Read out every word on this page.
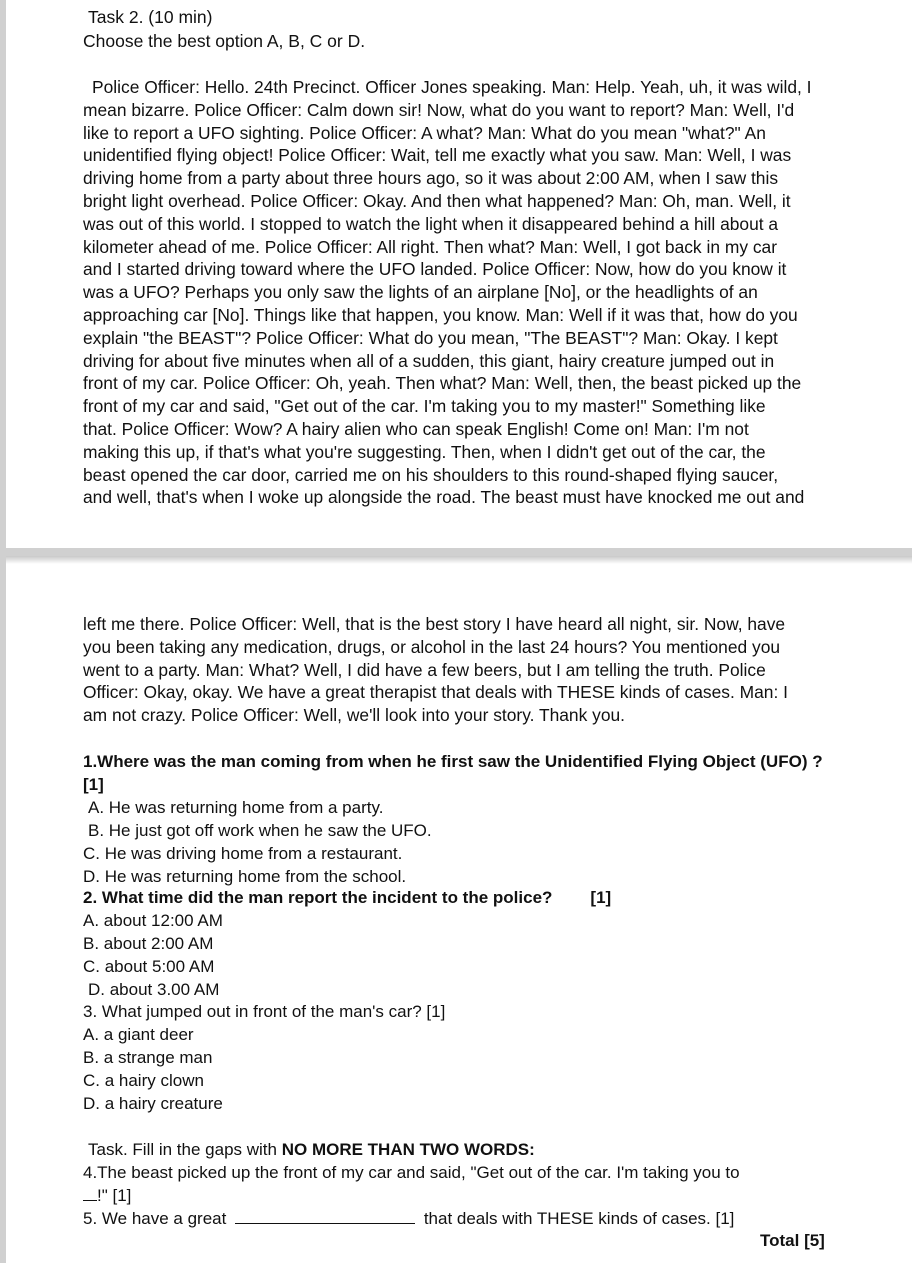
Task 2. (10 min)
Choose the best option A, B, C or D.
Police Officer: Hello. 24th Precinct. Officer Jones speaking. Man: Help. Yeah, uh, it was wild, I
mean bizarre. Police Officer: Calm down sir! Now, what do you want to report? Man: Well, I'd
like to report a UFO sighting. Police Officer: A what? Man: What do you mean "what?" An
unidentified flying object! Police Officer: Wait, tell me exactly what you saw. Man: Well, I was
driving home from a party about three hours ago, so it was about 2:00 AM, when I saw this
bright light overhead. Police Officer: Okay. And then what happened? Man: Oh, man. Well, it
was out of this world. I stopped to watch the light when it disappeared behind a hill about a
kilometer ahead of me. Police Officer: All right. Then what? Man: Well, I got back in my car
and I started driving toward where the UFO landed. Police Officer: Now, how do you know it
was a UFO? Perhaps you only saw the lights of an airplane [No], or the headlights of an
approaching car [No]. Things like that happen, you know. Man: Well if it was that, how do you
explain "the BEAST"? Police Officer: What do you mean, "The BEAST"? Man: Okay. I kept
driving for about five minutes when all of a sudden, this giant, hairy creature jumped out in
front of my car. Police Officer: Oh, yeah. Then what? Man: Well, then, the beast picked up the
front of my car and said, "Get out of the car. I'm taking you to my master!" Something like
that. Police Officer: Wow? A hairy alien who can speak English! Come on! Man: I'm not
making this up, if that's what you're suggesting. Then, when I didn't get out of the car, the
beast opened the car door, carried me on his shoulders to this round-shaped flying saucer,
and well, that's when I woke up alongside the road. The beast must have knocked me out and
left me there. Police Officer: Well, that is the best story I have heard all night, sir. Now, have
you been taking any medication, drugs, or alcohol in the last 24 hours? You mentioned you
went to a party. Man: What? Well, I did have a few beers, but I am telling the truth. Police
Officer: Okay, okay. We have a great therapist that deals with THESE kinds of cases. Man: I
am not crazy. Police Officer: Well, we'll look into your story. Thank you.
1.Where was the man coming from when he first saw the Unidentified Flying Object (UFO) ?
[1]
A. He was returning home from a party.
B. He just got off work when he saw the UFO.
C. He was driving home from a restaurant.
D. He was returning home from the school.
2. What time did the man report the incident to the police? [1]
A. about 12:00 AM
B. about 2:00 AM
C. about 5:00 AM
D. about 3.00 AM
3. What jumped out in front of the man's car? [1]
A. a giant deer
B. a strange man
C. a hairy clown
D. a hairy creature
Task. Fill in the gaps with NO MORE THAN TWO WORDS:
4.The beast picked up the front of my car and said, "Get out of the car. I'm taking you to
!" [1]
5. We have a great	that deals with THESE kinds of cases. [1]
Total [5]
